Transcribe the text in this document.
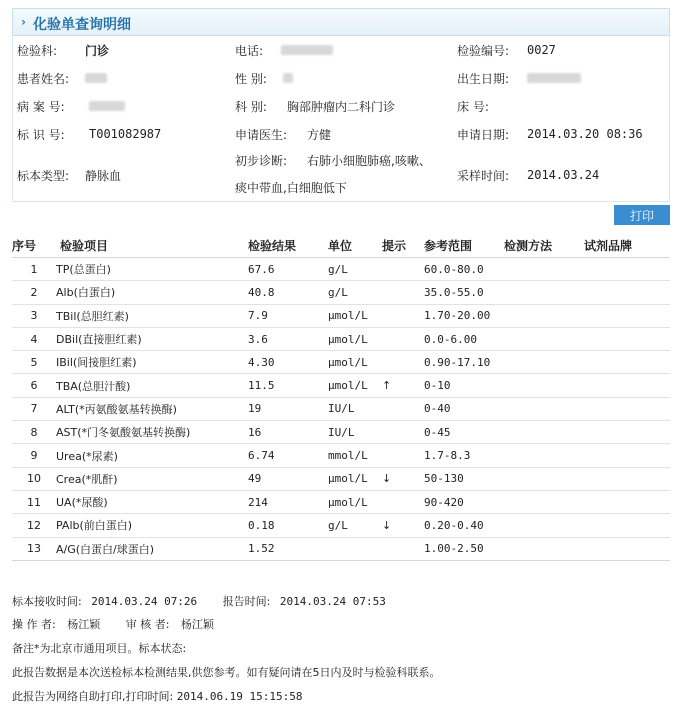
› 化验单查询明细
检验科: 门诊	电话:	检验编号: 0027
患者姓名:	性 别:	出生日期:
病 案 号:	科 别: 胸部肿瘤内二科门诊	床 号:
标 识 号: T001082987	申请医生: 方健	申请日期: 2014.03.20 08:36
标本类型: 静脉血
初步诊断: 右肺小细胞肺癌,咳嗽、
痰中带血,白细胞低下
采样时间: 2014.03.24
打印
序号	检验项目	检验结果	单位	提示	参考范围	检测方法	试剂品牌
1	TP(总蛋白)	67.6	g/L		60.0-80.0		
2	Alb(白蛋白)	40.8	g/L		35.0-55.0		
3	TBil(总胆红素)	7.9	μmol/L		1.70-20.00		
4	DBil(直接胆红素)	3.6	μmol/L		0.0-6.00		
5	IBil(间接胆红素)	4.30	μmol/L		0.90-17.10		
6	TBA(总胆汁酸)	11.5	μmol/L	↑	0-10		
7	ALT(*丙氨酸氨基转换酶)	19	IU/L		0-40		
8	AST(*门冬氨酸氨基转换酶)	16	IU/L		0-45		
9	Urea(*尿素)	6.74	mmol/L		1.7-8.3		
10	Crea(*肌酐)	49	μmol/L	↓	50-130		
11	UA(*尿酸)	214	μmol/L		90-420		
12	PAlb(前白蛋白)	0.18	g/L	↓	0.20-0.40		
13	A/G(白蛋白/球蛋白)	1.52			1.00-2.50		
标本接收时间: 2014.03.24 07:26 报告时间: 2014.03.24 07:53
操 作 者: 杨江颖 审 核 者: 杨江颖
备注*为北京市通用项目。标本状态:
此报告数据是本次送检标本检测结果,供您参考。如有疑问请在5日内及时与检验科联系。
此报告为网络自助打印,打印时间: 2014.06.19 15:15:58
